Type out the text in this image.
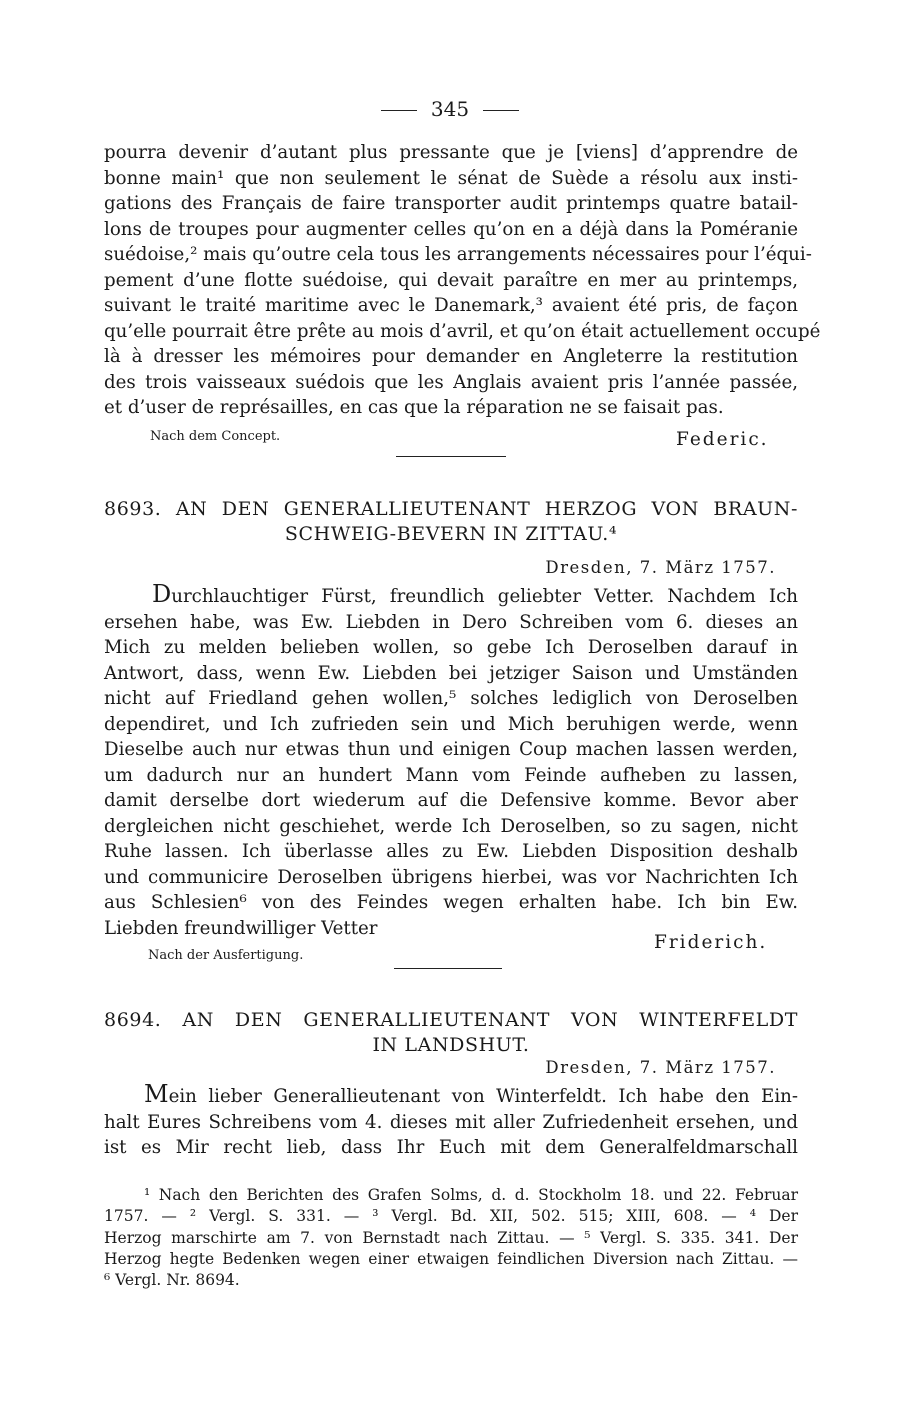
345
pourra devenir d’autant plus pressante que je [viens] d’apprendre de
bonne main¹ que non seulement le sénat de Suède a résolu aux insti-
gations des Français de faire transporter audit printemps quatre batail-
lons de troupes pour augmenter celles qu’on en a déjà dans la Poméranie
suédoise,² mais qu’outre cela tous les arrangements nécessaires pour l’équi-
pement d’une flotte suédoise, qui devait paraître en mer au printemps,
suivant le traité maritime avec le Danemark,³ avaient été pris, de façon
qu’elle pourrait être prête au mois d’avril, et qu’on était actuellement occupé
là à dresser les mémoires pour demander en Angleterre la restitution
des trois vaisseaux suédois que les Anglais avaient pris l’année passée,
et d’user de représailles, en cas que la réparation ne se faisait pas.
Nach dem Concept.	Federic.
8693. AN DEN GENERALLIEUTENANT HERZOG VON BRAUN-
SCHWEIG-BEVERN IN ZITTAU.⁴
Dresden, 7. März 1757.
Durchlauchtiger Fürst, freundlich geliebter Vetter. Nachdem Ich
ersehen habe, was Ew. Liebden in Dero Schreiben vom 6. dieses an
Mich zu melden belieben wollen, so gebe Ich Deroselben darauf in
Antwort, dass, wenn Ew. Liebden bei jetziger Saison und Umständen
nicht auf Friedland gehen wollen,⁵ solches lediglich von Deroselben
dependiret, und Ich zufrieden sein und Mich beruhigen werde, wenn
Dieselbe auch nur etwas thun und einigen Coup machen lassen werden,
um dadurch nur an hundert Mann vom Feinde aufheben zu lassen,
damit derselbe dort wiederum auf die Defensive komme. Bevor aber
dergleichen nicht geschiehet, werde Ich Deroselben, so zu sagen, nicht
Ruhe lassen. Ich überlasse alles zu Ew. Liebden Disposition deshalb
und communicire Deroselben übrigens hierbei, was vor Nachrichten Ich
aus Schlesien⁶ von des Feindes wegen erhalten habe. Ich bin Ew.
Liebden freundwilliger Vetter
Friderich.
Nach der Ausfertigung.
8694. AN DEN GENERALLIEUTENANT VON WINTERFELDT
IN LANDSHUT.
Dresden, 7. März 1757.
Mein lieber Generallieutenant von Winterfeldt. Ich habe den Ein-
halt Eures Schreibens vom 4. dieses mit aller Zufriedenheit ersehen, und
ist es Mir recht lieb, dass Ihr Euch mit dem Generalfeldmarschall
¹ Nach den Berichten des Grafen Solms, d. d. Stockholm 18. und 22. Februar
1757. — ² Vergl. S. 331. — ³ Vergl. Bd. XII, 502. 515; XIII, 608. — ⁴ Der
Herzog marschirte am 7. von Bernstadt nach Zittau. — ⁵ Vergl. S. 335. 341. Der
Herzog hegte Bedenken wegen einer etwaigen feindlichen Diversion nach Zittau. —
⁶ Vergl. Nr. 8694.
